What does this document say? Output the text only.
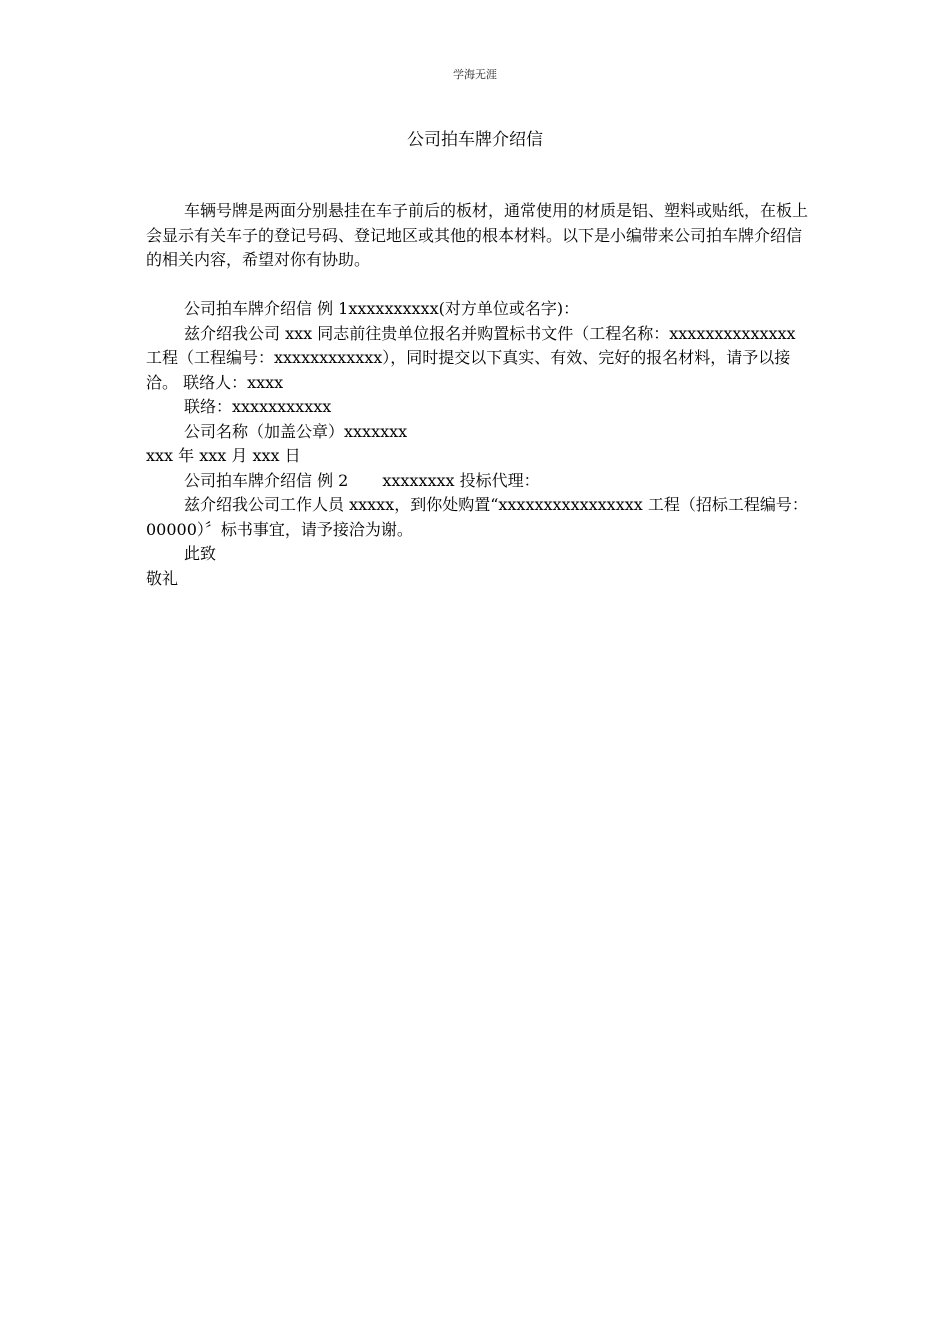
学海无涯
公司拍车牌介绍信

车辆号牌是两面分别悬挂在车子前后的板材，通常使用的材质是铝、塑料或贴纸，在板上会显示有关车子的登记号码、登记地区或其他的根本材料。以下是小编带来公司拍车牌介绍信的相关内容，希望对你有协助。

公司拍车牌介绍信 例 1xxxxxxxxxx(对方单位或名字)：

兹介绍我公司 xxx 同志前往贵单位报名并购置标书文件（工程名称：xxxxxxxxxxxxxx 工程（工程编号：xxxxxxxxxxxx），同时提交以下真实、有效、完好的报名材料，请予以接洽。 联络人：xxxx

联络：xxxxxxxxxxx

公司名称（加盖公章）xxxxxxx

xxx 年 xxx 月 xxx 日

公司拍车牌介绍信 例 2 xxxxxxxx 投标代理：

兹介绍我公司工作人员 xxxxx，到你处购置“xxxxxxxxxxxxxxxx 工程（招标工程编号：00000）〞标书事宜，请予接洽为谢。

此致

敬礼
